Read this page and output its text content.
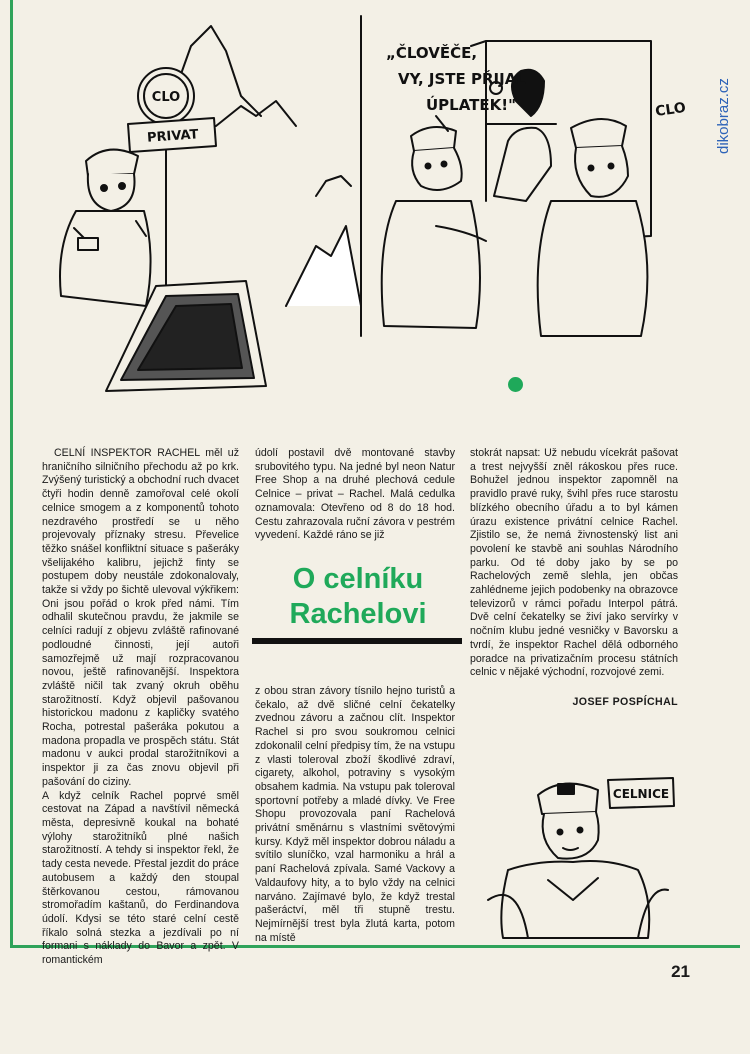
dikobraz.cz
CLO
PRIVAT
„ČLOVĚČE,
VY, JSTE PŘIJAL
ÚPLATEK!"	CLO

CELNÍ INSPEKTOR RACHEL měl už hraničního silničního přechodu až po krk. Zvýšený turistický a obchodní ruch dvacet čtyři hodin denně zamořoval celé okolí celnice smogem a z komponentů tohoto nezdravého prostředí se u něho projevovaly příznaky stresu. Převelice těžko snášel konfliktní situace s pašeráky všelijakého kalibru, jejichž finty se postupem doby neustále zdokonalovaly, takže si vždy po šichtě ulevoval výkřikem: Oni jsou pořád o krok před námi. Tím odhalil skutečnou pravdu, že jakmile se celníci radují z objevu zvláště rafinované podloudné činnosti, její autoři samozřejmě už mají rozpracovanou novou, ještě rafinovanější. Inspektora zvláště ničil tak zvaný okruh oběhu starožitností. Když objevil pašovanou historickou madonu z kapličky svatého Rocha, potrestal pašeráka pokutou a madona propadla ve prospěch státu. Stát madonu v aukci prodal starožitníkovi a inspektor ji za čas znovu objevil při pašování do ciziny.

A když celník Rachel poprvé směl cestovat na Západ a navštívil německá města, depresivně koukal na bohaté výlohy starožitníků plné našich starožitností. A tehdy si inspektor řekl, že tady cesta nevede. Přestal jezdit do práce autobusem a každý den stoupal štěrkovanou cestou, rámovanou stromořadím kaštanů, do Ferdinandova údolí. Kdysi se této staré celní cestě říkalo solná stezka a jezdívali po ní formani s náklady do Bavor a zpět. V romantickém

údolí postavil dvě montované stavby srubovitého typu. Na jedné byl neon Natur Free Shop a na druhé plechová cedule Celnice – privat – Rachel. Malá cedulka oznamovala: Otevřeno od 8 do 18 hod. Cestu zahrazovala ruční závora v pestrém vyvedení. Každé ráno se již

O celníku
Rachelovi

z obou stran závory tísnilo hejno turistů a čekalo, až dvě sličné celní čekatelky zvednou závoru a začnou clít. Inspektor Rachel si pro svou soukromou celnici zdokonalil celní předpisy tím, že na vstupu z vlasti toleroval zboží škodlivé zdraví, cigarety, alkohol, potraviny s vysokým obsahem kadmia. Na vstupu pak toleroval sportovní potřeby a mladé dívky. Ve Free Shopu provozovala paní Rachelová privátní směnárnu s vlastními světovými kursy. Když měl inspektor dobrou náladu a svítilo sluníčko, vzal harmoniku a hrál a paní Rachelová zpívala. Samé Vackovy a Valdaufovy hity, a to bylo vždy na celnici narváno. Zajímavé bylo, že když trestal pašeráctví, měl tři stupně trestu. Nejmírnější trest byla žlutá karta, potom na místě

stokrát napsat: Už nebudu vícekrát pašovat a trest nejvyšší zněl rákoskou přes ruce. Bohužel jednou inspektor zapomněl na pravidlo pravé ruky, švihl přes ruce starostu blízkého obecního úřadu a to byl kámen úrazu existence privátní celnice Rachel. Zjistilo se, že nemá živnostenský list ani povolení ke stavbě ani souhlas Národního parku. Od té doby jako by se po Rachelových země slehla, jen občas zahlédneme jejich podobenky na obrazovce televizorů v rámci pořadu Interpol pátrá. Dvě celní čekatelky se živí jako servírky v nočním klubu jedné vesničky v Bavorsku a tvrdí, že inspektor Rachel dělá odborného poradce na privatizačním procesu státních celnic v nějaké východní, rozvojové zemi.

JOSEF POSPÍCHAL
CELNICE
21
